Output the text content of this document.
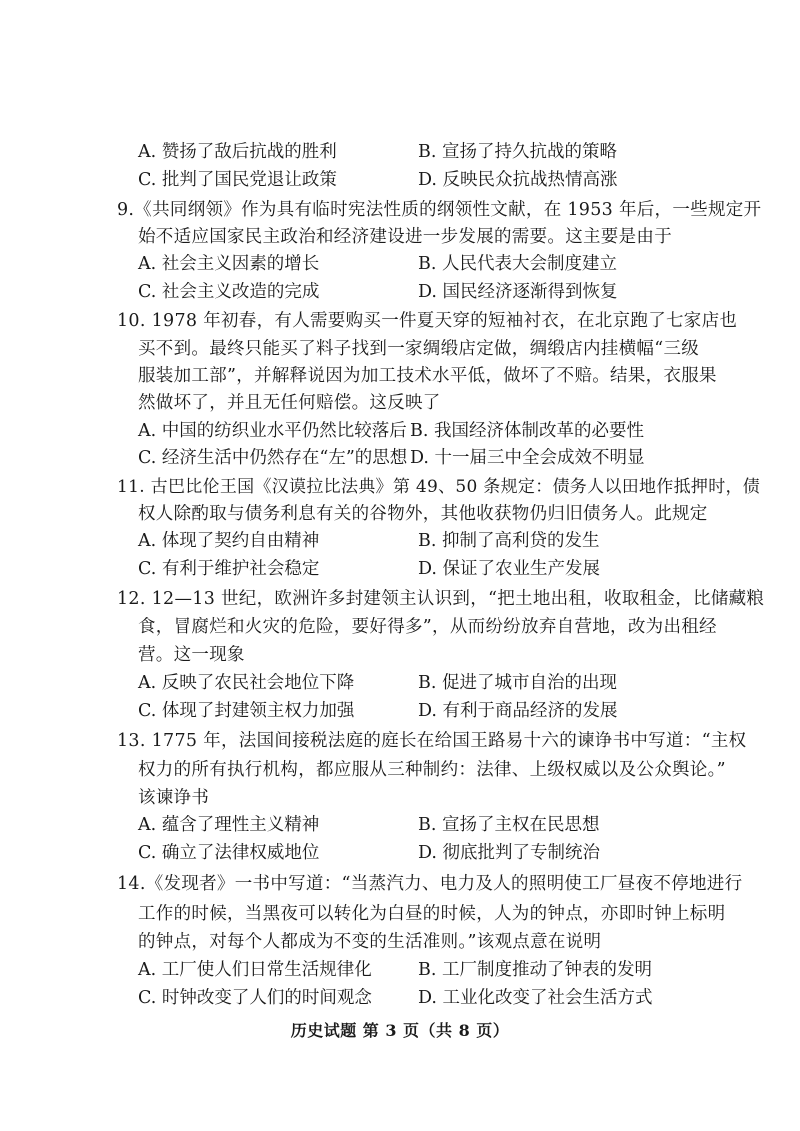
A. 赞扬了敌后抗战的胜利	B. 宣扬了持久抗战的策略
C. 批判了国民党退让政策	D. 反映民众抗战热情高涨
9.《共同纲领》作为具有临时宪法性质的纲领性文献，在 1953 年后，一些规定开
始不适应国家民主政治和经济建设进一步发展的需要。这主要是由于
A. 社会主义因素的增长	B. 人民代表大会制度建立
C. 社会主义改造的完成	D. 国民经济逐渐得到恢复
10. 1978 年初春，有人需要购买一件夏天穿的短袖衬衣，在北京跑了七家店也
买不到。最终只能买了料子找到一家绸缎店定做，绸缎店内挂横幅“三级
服装加工部”，并解释说因为加工技术水平低，做坏了不赔。结果，衣服果
然做坏了，并且无任何赔偿。这反映了
A. 中国的纺织业水平仍然比较落后 B. 我国经济体制改革的必要性
C. 经济生活中仍然存在“左”的思想 D. 十一届三中全会成效不明显
11. 古巴比伦王国《汉谟拉比法典》第 49、50 条规定：债务人以田地作抵押时，债
权人除酌取与债务利息有关的谷物外，其他收获物仍归旧债务人。此规定
A. 体现了契约自由精神	B. 抑制了高利贷的发生
C. 有利于维护社会稳定	D. 保证了农业生产发展
12. 12—13 世纪，欧洲许多封建领主认识到，“把土地出租，收取租金，比储藏粮
食，冒腐烂和火灾的危险，要好得多”，从而纷纷放弃自营地，改为出租经
营。这一现象
A. 反映了农民社会地位下降	B. 促进了城市自治的出现
C. 体现了封建领主权力加强	D. 有利于商品经济的发展
13. 1775 年，法国间接税法庭的庭长在给国王路易十六的谏诤书中写道：“主权
权力的所有执行机构，都应服从三种制约：法律、上级权威以及公众舆论。”
该谏诤书
A. 蕴含了理性主义精神	B. 宣扬了主权在民思想
C. 确立了法律权威地位	D. 彻底批判了专制统治
14.《发现者》一书中写道：“当蒸汽力、电力及人的照明使工厂昼夜不停地进行
工作的时候，当黑夜可以转化为白昼的时候，人为的钟点，亦即时钟上标明
的钟点，对每个人都成为不变的生活准则。”该观点意在说明
A. 工厂使人们日常生活规律化	B. 工厂制度推动了钟表的发明
C. 时钟改变了人们的时间观念	D. 工业化改变了社会生活方式
历史试题 第 3 页（共 8 页）
